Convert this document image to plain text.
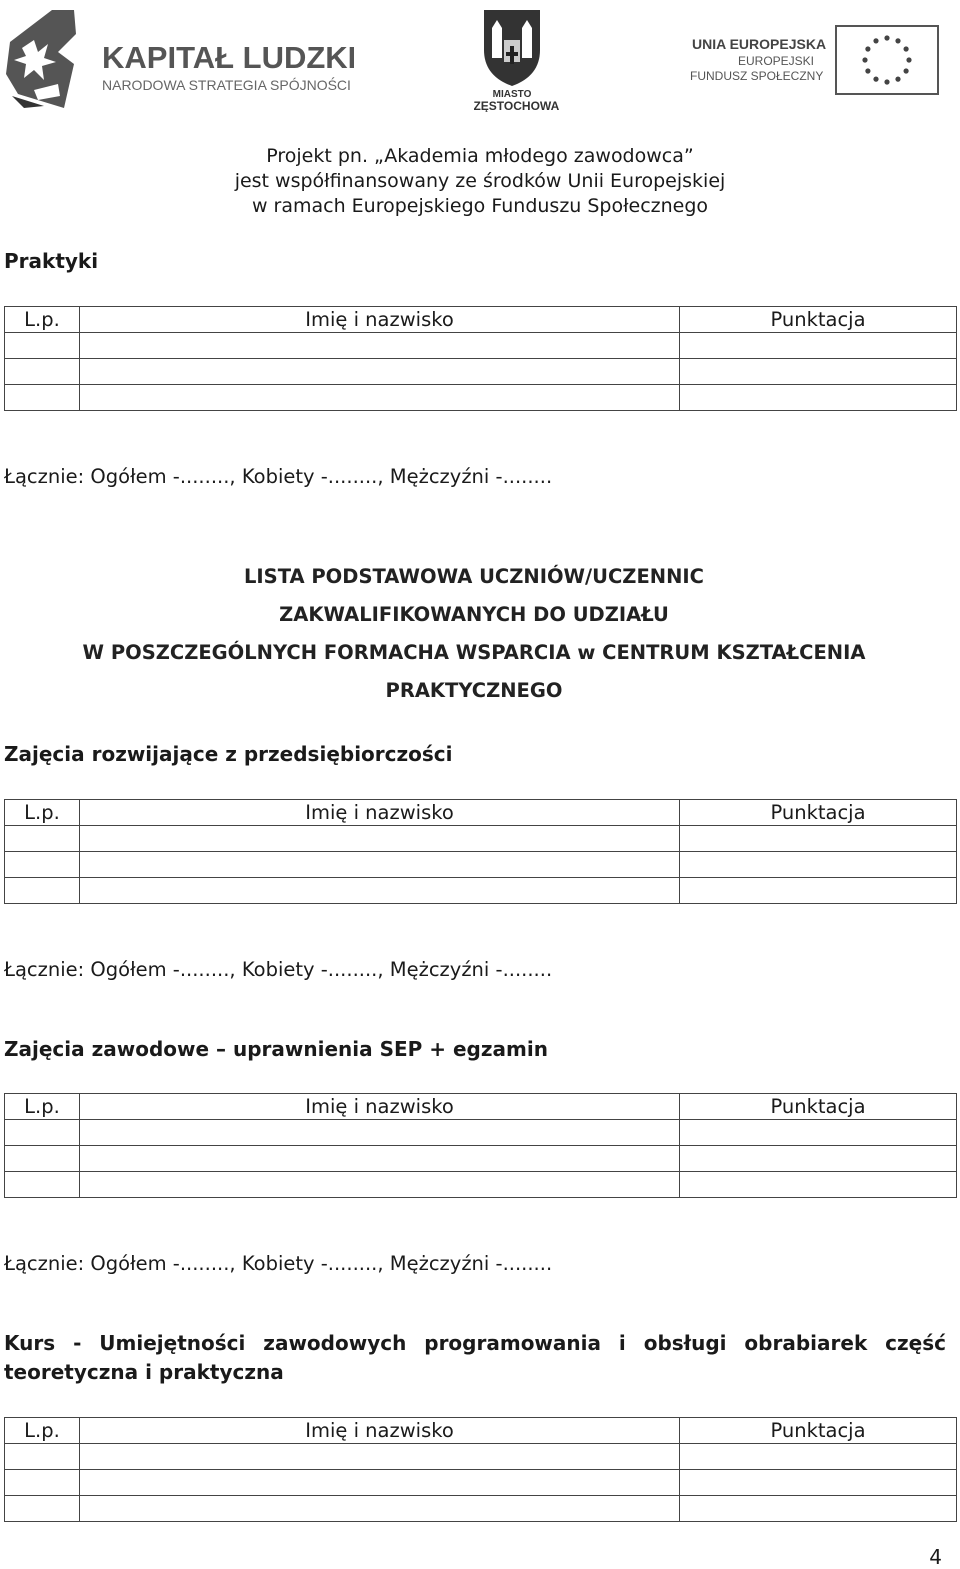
KAPITAŁ LUDZKI
NARODOWA STRATEGIA SPÓJNOŚCI
MIASTO
CZĘSTOCHOWA
UNIA EUROPEJSKA
EUROPEJSKI
FUNDUSZ SPOŁECZNY
Projekt pn. „Akademia młodego zawodowca”
jest współfinansowany ze środków Unii Europejskiej
w ramach Europejskiego Funduszu Społecznego
Praktyki
L.p.	Imię i nazwisko	Punktacja

Łącznie: Ogółem -........, Kobiety -........, Mężczyźni -........
LISTA PODSTAWOWA UCZNIÓW/UCZENNIC
ZAKWALIFIKOWANYCH DO UDZIAŁU
W POSZCZEGÓLNYCH FORMACHA WSPARCIA w CENTRUM KSZTAŁCENIA
PRAKTYCZNEGO
Zajęcia rozwijające z przedsiębiorczości
L.p.	Imię i nazwisko	Punktacja

Łącznie: Ogółem -........, Kobiety -........, Mężczyźni -........
Zajęcia zawodowe – uprawnienia SEP + egzamin
L.p.	Imię i nazwisko	Punktacja

Łącznie: Ogółem -........, Kobiety -........, Mężczyźni -........
Kurs - Umiejętności zawodowych programowania i obsługi obrabiarek część
teoretyczna i praktyczna
L.p.	Imię i nazwisko	Punktacja

4
